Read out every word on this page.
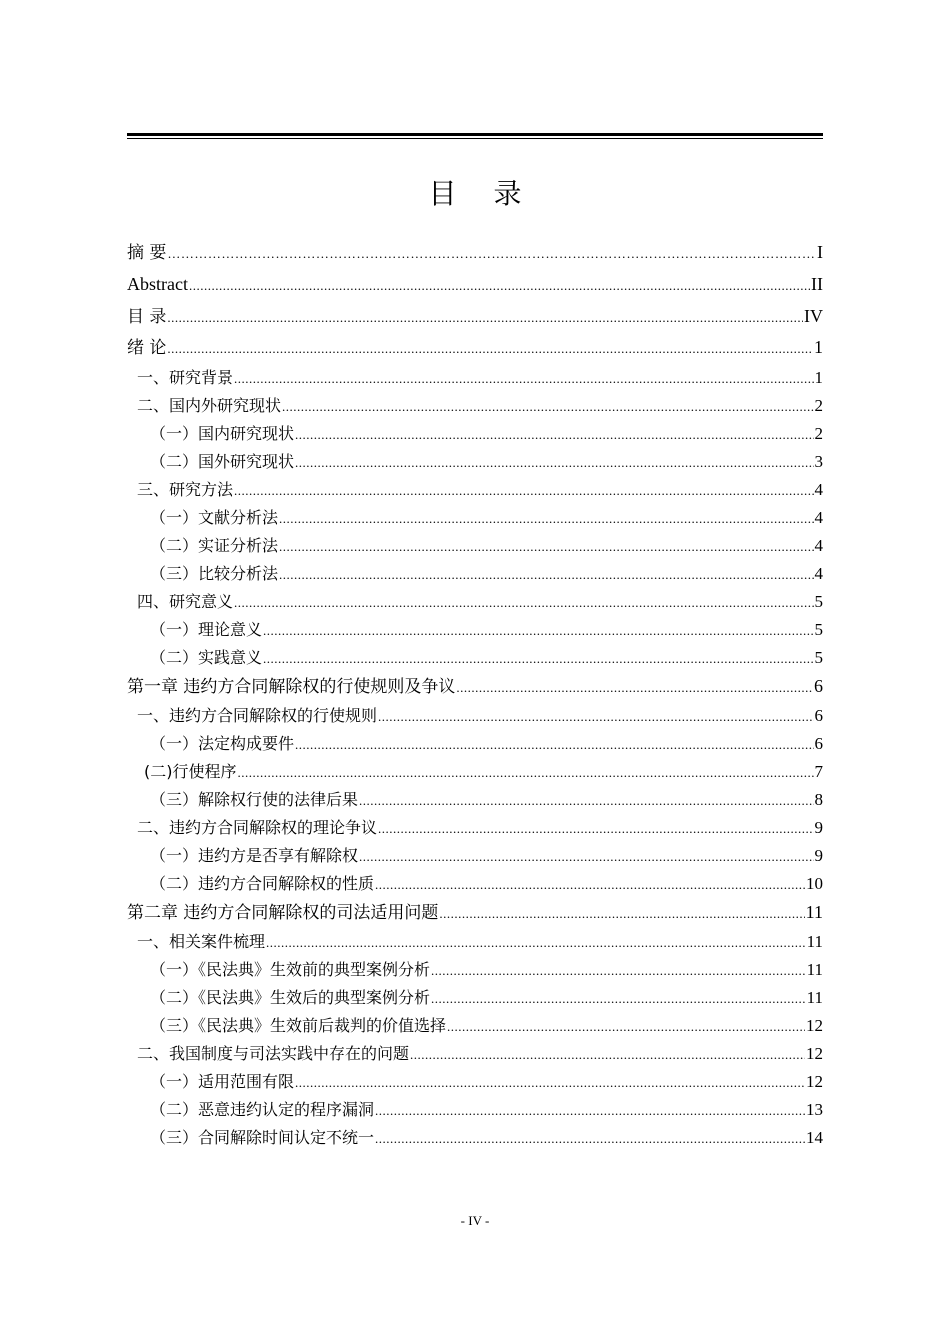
目 录
摘 要 ……………………………………………………………………………………………………………………………………………	I
Abstract .....	II
目 录 .....	IV
绪 论 .....	1
一、研究背景 .....	1
二、国内外研究现状 .....	2
（一）国内研究现状 .....	2
（二）国外研究现状 .....	3
三、研究方法 .....	4
（一）文献分析法 .....	4
（二）实证分析法 .....	4
（三）比较分析法 .....	4
四、研究意义 .....	5
（一）理论意义 .....	5
（二）实践意义 .....	5
第一章 违约方合同解除权的行使规则及争议 .....	6
一、违约方合同解除权的行使规则 .....	6
（一）法定构成要件 .....	6
(二)行使程序 .....	7
（三）解除权行使的法律后果 .....	8
二、违约方合同解除权的理论争议 .....	9
（一）违约方是否享有解除权 .....	9
（二）违约方合同解除权的性质 .....	10
第二章 违约方合同解除权的司法适用问题 .....	11
一、相关案件梳理 .....	11
（一）《民法典》生效前的典型案例分析 .....	11
（二）《民法典》生效后的典型案例分析 .....	11
（三）《民法典》生效前后裁判的价值选择 .....	12
二、我国制度与司法实践中存在的问题 .....	12
（一）适用范围有限 .....	12
（二）恶意违约认定的程序漏洞 .....	13
（三）合同解除时间认定不统一 .....	14
- IV -
